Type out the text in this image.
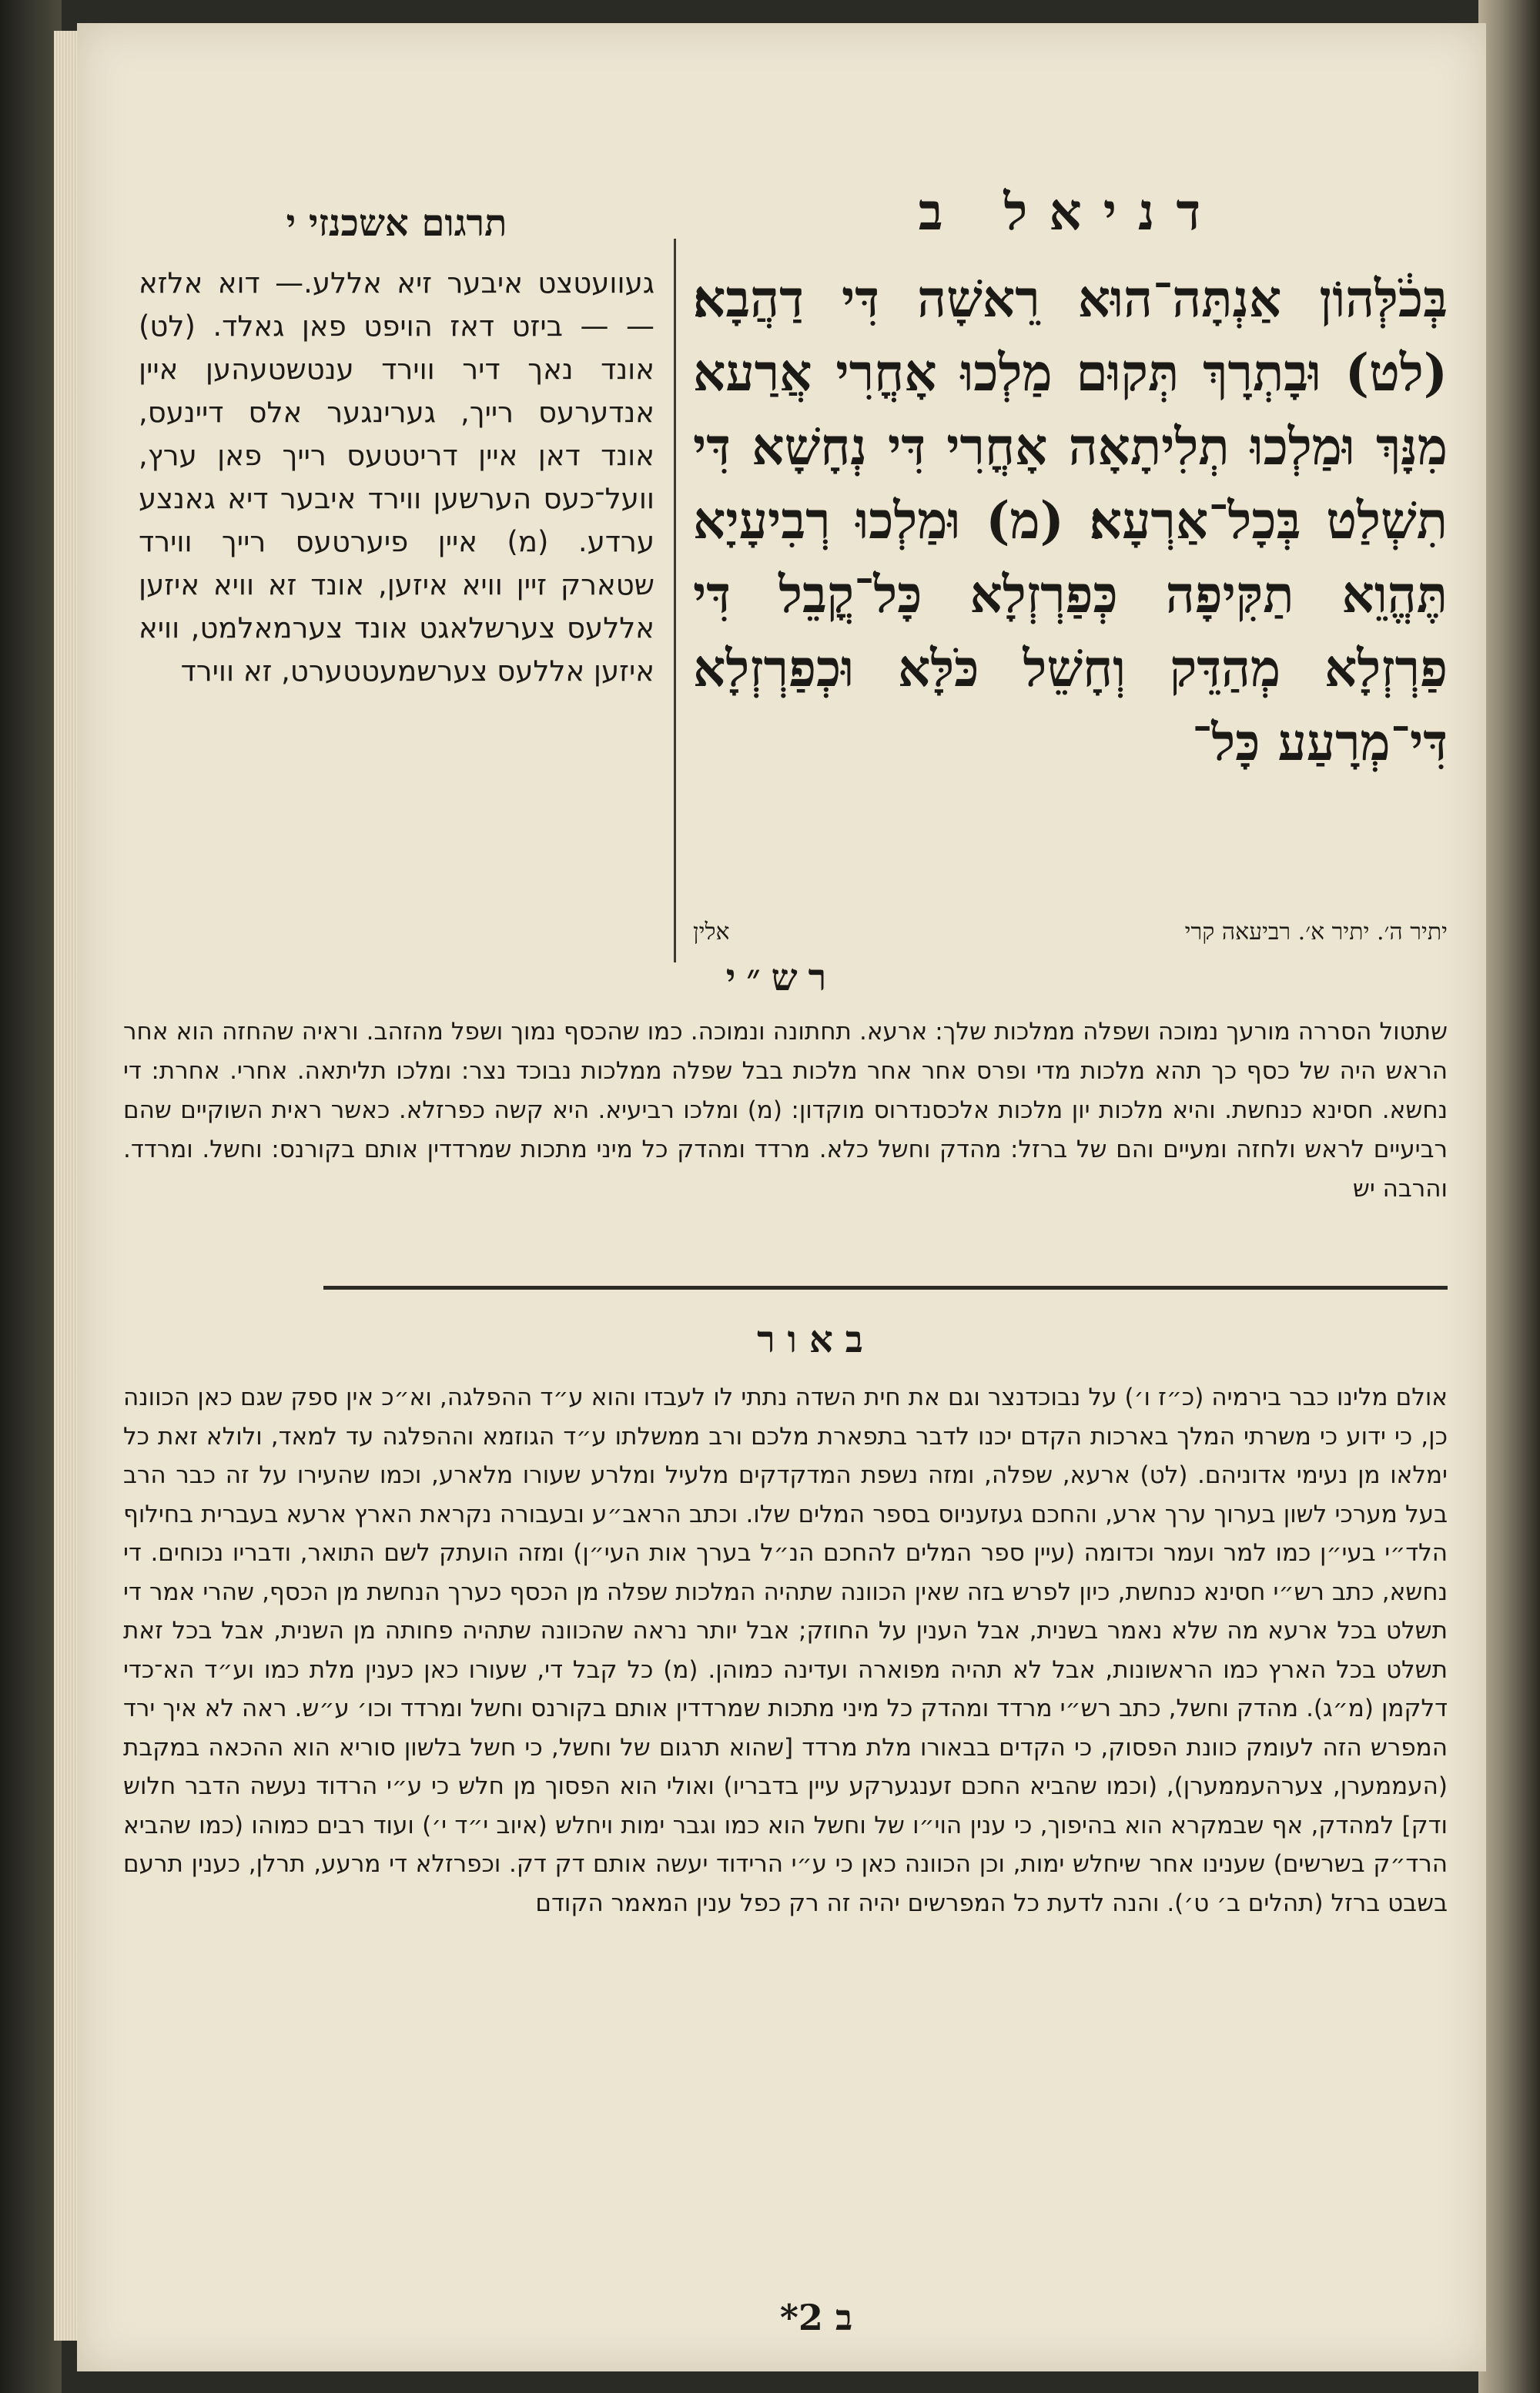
דניאל ב
בְּכֹ֔לְּהוֹן אַנְתָּה־הוּא רֵאשָׁה דִּי דַהֲבָא׃ ‏(לט)‏ וּבָתְרָךְ תְּקוּם מַלְכוּ אָחֳרִי אֲרַעא מִנָּךְ וּמַלְכוּ תְלִיתָאָה אָחֳרִי דִּי נְחָשָׁא דִּי תִשְׁלַט בְּכָל־אַרְעָא׃ ‏(מ)‏ וּמַלְכוּ רְבִיעָיָא תֶּהֱוֵא תַקִּיפָה כְּפַרְזְלָא כָּל־קֳבֵל דִּי פַרְזְלָא מְהַדֵּק וְחָשֵׁל כֹּלָּא וּכְפַרְזְלָא דִּי־מְרָעַע כָּל־
יתיר ה׳. יתיר א׳. רביעאה קרי
אלין
תרגום אשכנזי י
געוועטצט איבער זיא אללע.— דוא אלזא — — ביזט דאז הויפט פאן גאלד. (לט) אונד נאך דיר ווירד ענטשטעהען איין אנדערעס רייך, גערינגער אלס דיינעס, אונד דאן איין דריטטעס רייך פאן ערץ, וועל־כעס הערשען ווירד איבער דיא גאנצע ערדע. (מ) איין פיערטעס רייך ווירד שטארק זיין וויא איזען, אונד זא וויא איזען אללעס צערשלאגט אונד צערמאלמט, וויא איזען אללעס צערשמעטטערט, זא ווירד
רש״י
שתטול הסררה מורעך נמוכה ושפלה ממלכות שלך: ארעא. תחתונה ונמוכה. כמו שהכסף נמוך ושפל מהזהב. וראיה שהחזה הוא אחר הראש היה של כסף כך תהא מלכות מדי ופרס אחר אחר מלכות בבל שפלה ממלכות נבוכד נצר: ומלכו תליתאה. אחרי. אחרת: די נחשא. חסינא כנחשת. והיא מלכות יון מלכות אלכסנדרוס מוקדון: (מ) ומלכו רביעיא. היא קשה כפרזלא. כאשר ראית השוקיים שהם רביעיים לראש ולחזה ומעיים והם של ברזל: מהדק וחשל כלא. מרדד ומהדק כל מיני מתכות שמרדדין אותם בקורנס: וחשל. ומרדד. והרבה יש
באור
אולם מלינו כבר בירמיה (כ״ז ו׳) על נבוכדנצר וגם את חית השדה נתתי לו לעבדו והוא ע״ד ההפלגה, וא״כ אין ספק שגם כאן הכוונה כן, כי ידוע כי משרתי המלך בארכות הקדם יכנו לדבר בתפארת מלכם ורב ממשלתו ע״ד הגוזמא וההפלגה עד למאד, ולולא זאת כל ימלאו מן נעימי אדוניהם. (לט) ארעא, שפלה, ומזה נשפת המדקדקים מלעיל ומלרע שעורו מלארע, וכמו שהעירו על זה כבר הרב בעל מערכי לשון בערוך ערך ארע, והחכם געזעניוס בספר המלים שלו. וכתב הראב״ע ובעבורה נקראת הארץ ארעא בעברית בחילוף הלד״י בעי״ן כמו למר ועמר וכדומה (עיין ספר המלים להחכם הנ״ל בערך אות העי״ן) ומזה הועתק לשם התואר, ודבריו נכוחים. די נחשא, כתב רש״י חסינא כנחשת, כיון לפרש בזה שאין הכוונה שתהיה המלכות שפלה מן הכסף כערך הנחשת מן הכסף, שהרי אמר די תשלט בכל ארעא מה שלא נאמר בשנית, אבל הענין על החוזק; אבל יותר נראה שהכוונה שתהיה פחותה מן השנית, אבל בכל זאת תשלט בכל הארץ כמו הראשונות, אבל לא תהיה מפוארה ועדינה כמוהן. (מ) כל קבל די, שעורו כאן כענין מלת כמו וע״ד הא־כדי דלקמן (מ״ג). מהדק וחשל, כתב רש״י מרדד ומהדק כל מיני מתכות שמרדדין אותם בקורנס וחשל ומרדד וכו׳ ע״ש. ראה לא איך ירד המפרש הזה לעומק כוונת הפסוק, כי הקדים בבאורו מלת מרדד [שהוא תרגום של וחשל, כי חשל בלשון סוריא הוא ההכאה במקבת (העממערן, צערהעממערן), (וכמו שהביא החכם זענגערקע עיין בדבריו) ואולי הוא הפסוך מן חלש כי ע״י הרדוד נעשה הדבר חלוש ודק] למהדק, אף שבמקרא הוא בהיפוך, כי ענין הוי״ו של וחשל הוא כמו וגבר ימות ויחלש (איוב י״ד י׳) ועוד רבים כמוהו (כמו שהביא הרד״ק בשרשים) שענינו אחר שיחלש ימות, וכן הכוונה כאן כי ע״י הרידוד יעשה אותם דק דק. וכפרזלא די מרעע, תרלן, כענין תרעם בשבט ברזל (תהלים ב׳ ט׳). והנה לדעת כל המפרשים יהיה זה רק כפל ענין המאמר הקודם
ב 2*
